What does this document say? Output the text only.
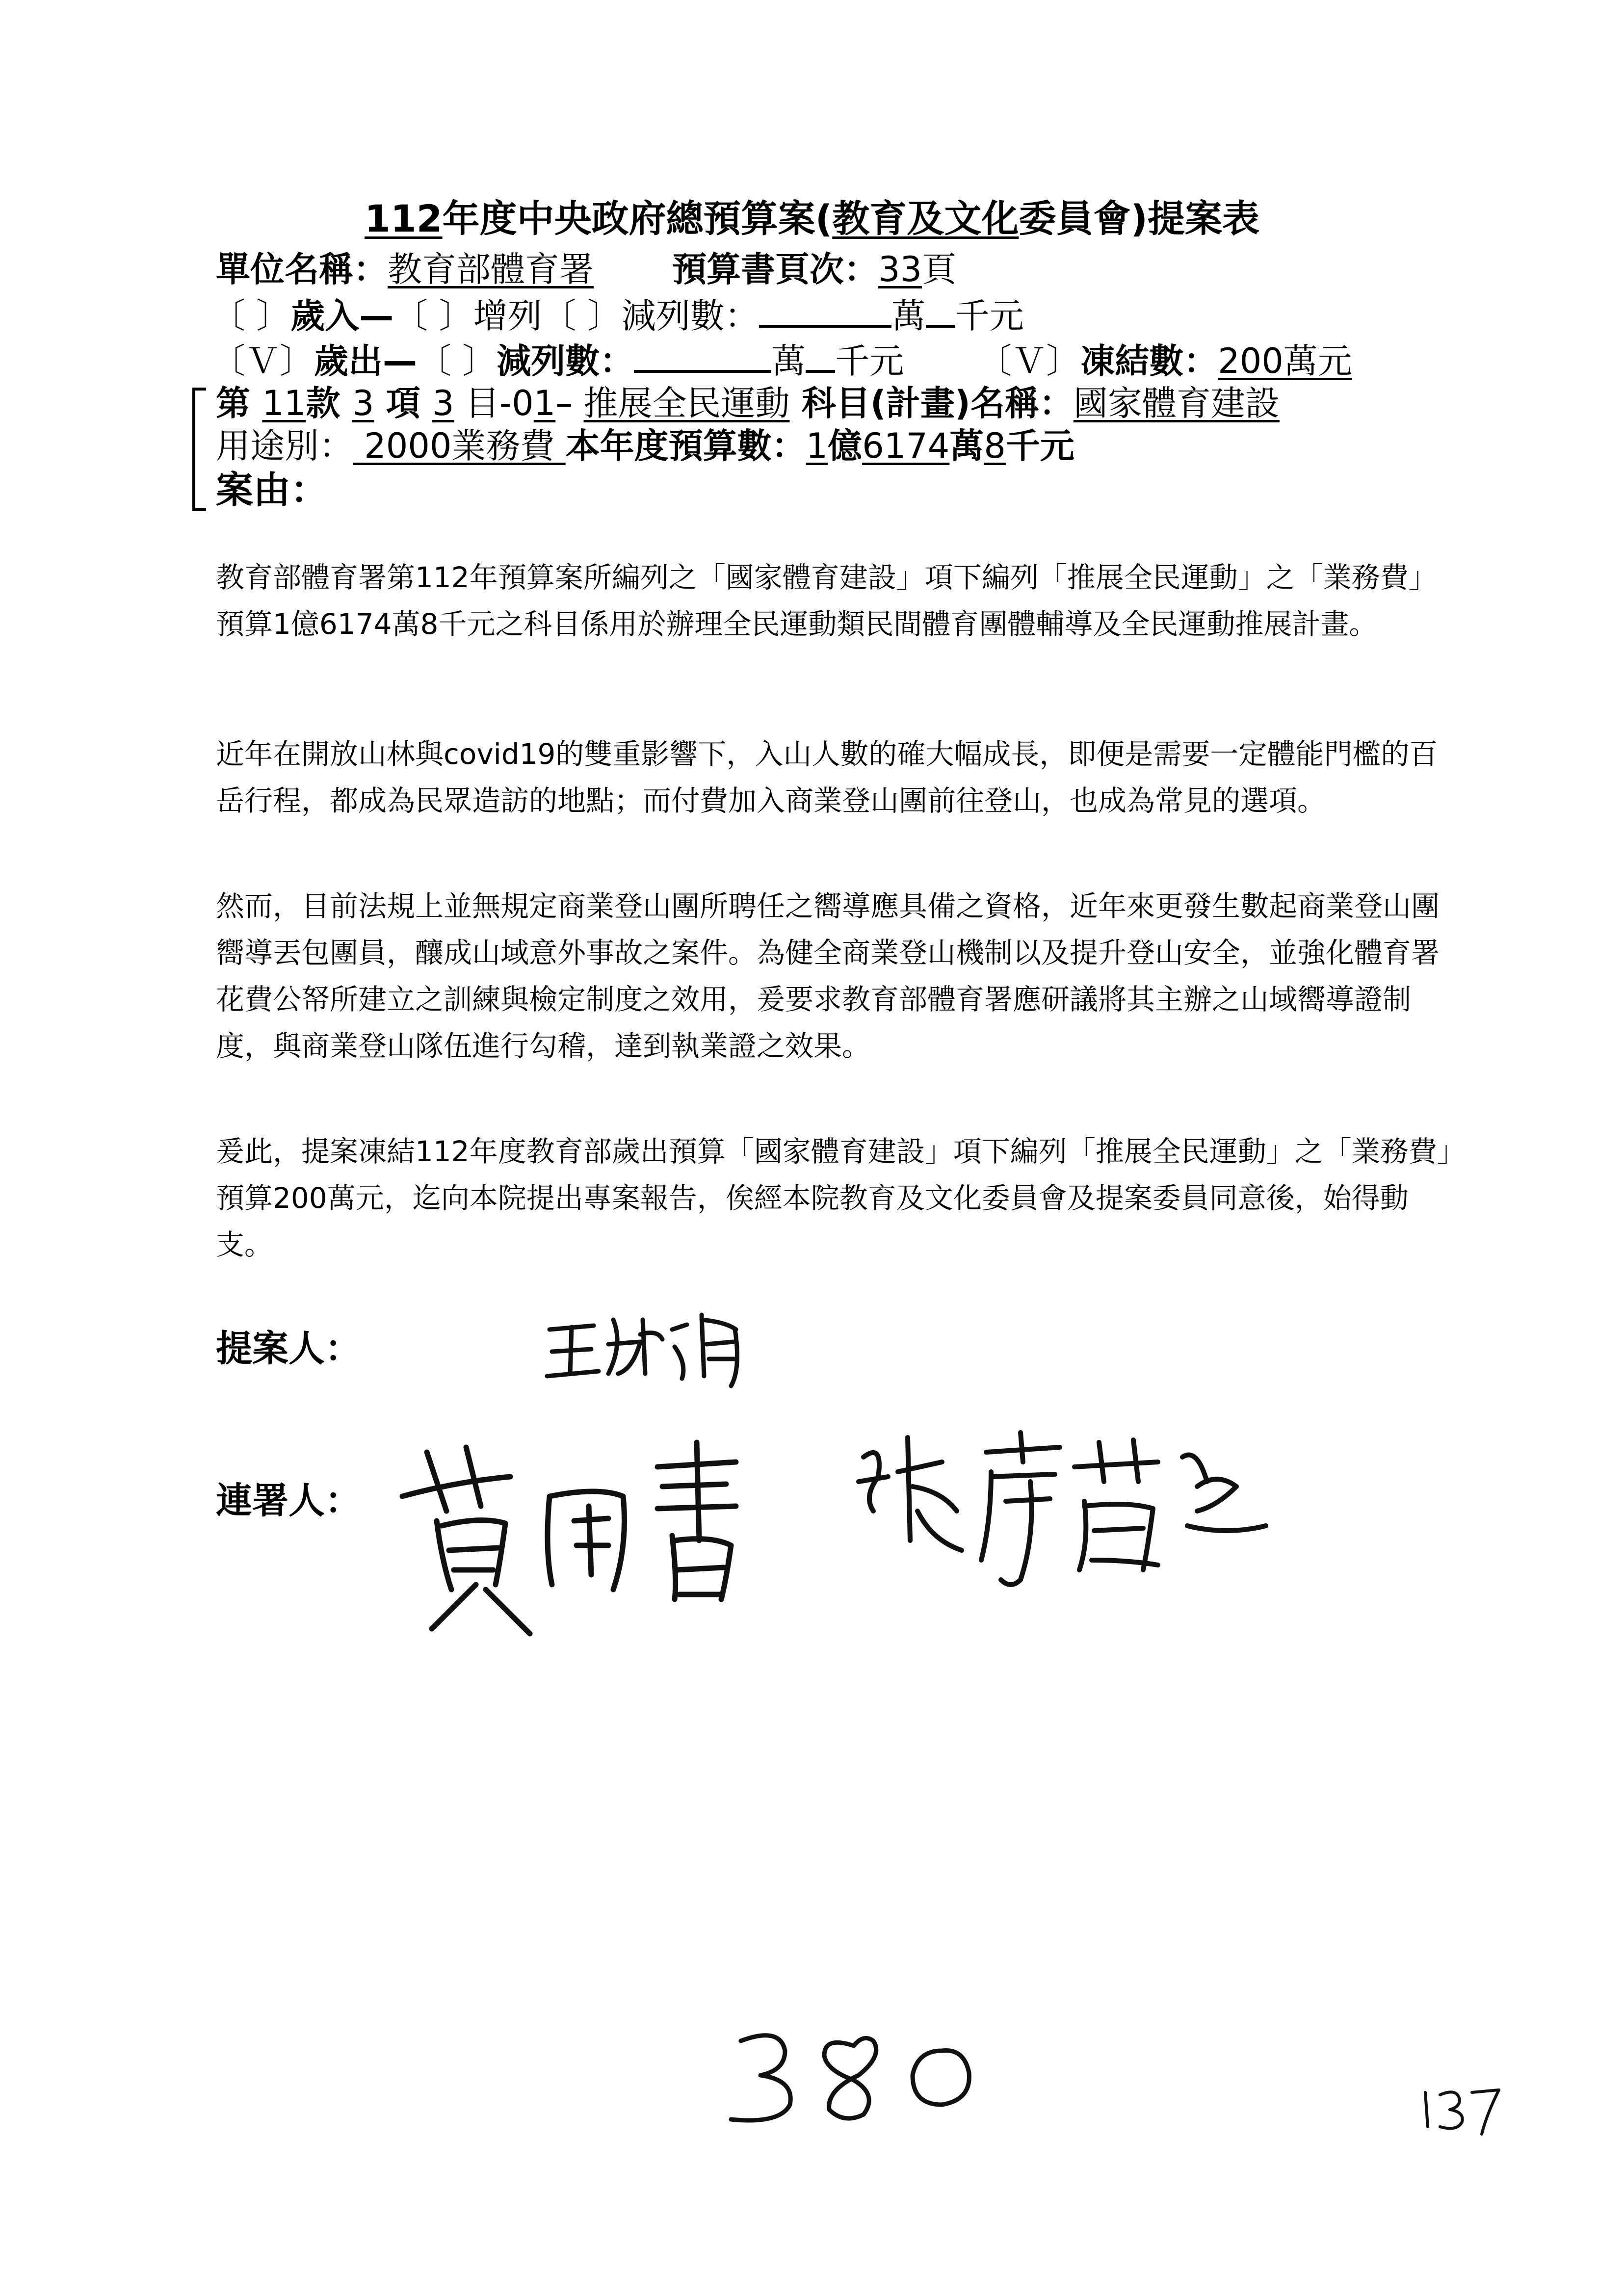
112年度中央政府總預算案(教育及文化委員會)提案表
單位名稱：教育部體育署 預算書頁次：33頁
〔 〕歲入—〔 〕增列〔 〕減列數：	萬 千元
〔Ｖ〕歲出—〔 〕減列數：	萬 千元 〔Ｖ〕凍結數：200萬元
第 11款 3 項 3 目-01– 推展全民運動 科目(計畫)名稱：國家體育建設
用途別： 2000業務費 本年度預算數：1億6174萬8千元
案由：

教育部體育署第112年預算案所編列之「國家體育建設」項下編列「推展全民運動」之「業務費」預算1億6174萬8千元之科目係用於辦理全民運動類民間體育團體輔導及全民運動推展計畫。

近年在開放山林與covid19的雙重影響下，入山人數的確大幅成長，即便是需要一定體能門檻的百岳行程，都成為民眾造訪的地點；而付費加入商業登山團前往登山，也成為常見的選項。

然而，目前法規上並無規定商業登山團所聘任之嚮導應具備之資格，近年來更發生數起商業登山團嚮導丟包團員，釀成山域意外事故之案件。為健全商業登山機制以及提升登山安全，並強化體育署花費公帑所建立之訓練與檢定制度之效用，爰要求教育部體育署應研議將其主辦之山域嚮導證制度，與商業登山隊伍進行勾稽，達到執業證之效果。

爰此，提案凍結112年度教育部歲出預算「國家體育建設」項下編列「推展全民運動」之「業務費」預算200萬元，迄向本院提出專案報告，俟經本院教育及文化委員會及提案委員同意後，始得動支。

提案人：
連署人：
